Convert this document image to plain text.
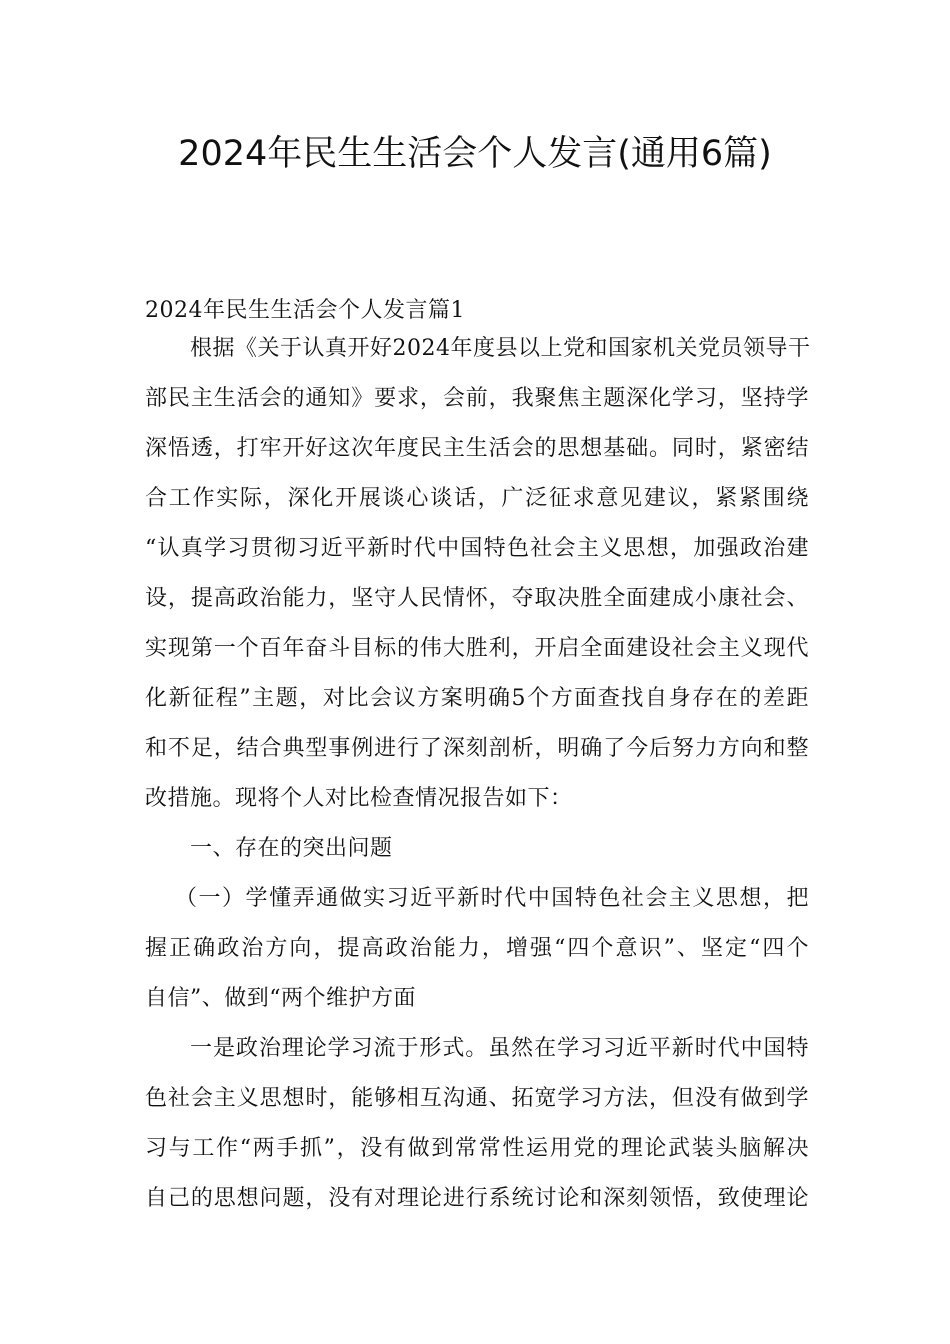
2024年民生生活会个人发言(通用6篇)
2024年民生生活会个人发言篇1
根据《关于认真开好2024年度县以上党和国家机关党员领导干
部民主生活会的通知》要求，会前，我聚焦主题深化学习，坚持学
深悟透，打牢开好这次年度民主生活会的思想基础。同时，紧密结
合工作实际，深化开展谈心谈话，广泛征求意见建议，紧紧围绕
“认真学习贯彻习近平新时代中国特色社会主义思想，加强政治建
设，提高政治能力，坚守人民情怀，夺取决胜全面建成小康社会、
实现第一个百年奋斗目标的伟大胜利，开启全面建设社会主义现代
化新征程”主题，对比会议方案明确5个方面查找自身存在的差距
和不足，结合典型事例进行了深刻剖析，明确了今后努力方向和整
改措施。现将个人对比检查情况报告如下：
一、存在的突出问题
（一）学懂弄通做实习近平新时代中国特色社会主义思想，把
握正确政治方向，提高政治能力，增强“四个意识”、坚定“四个
自信”、做到“两个维护方面
一是政治理论学习流于形式。虽然在学习习近平新时代中国特
色社会主义思想时，能够相互沟通、拓宽学习方法，但没有做到学
习与工作“两手抓”，没有做到常常性运用党的理论武装头脑解决
自己的思想问题，没有对理论进行系统讨论和深刻领悟，致使理论
